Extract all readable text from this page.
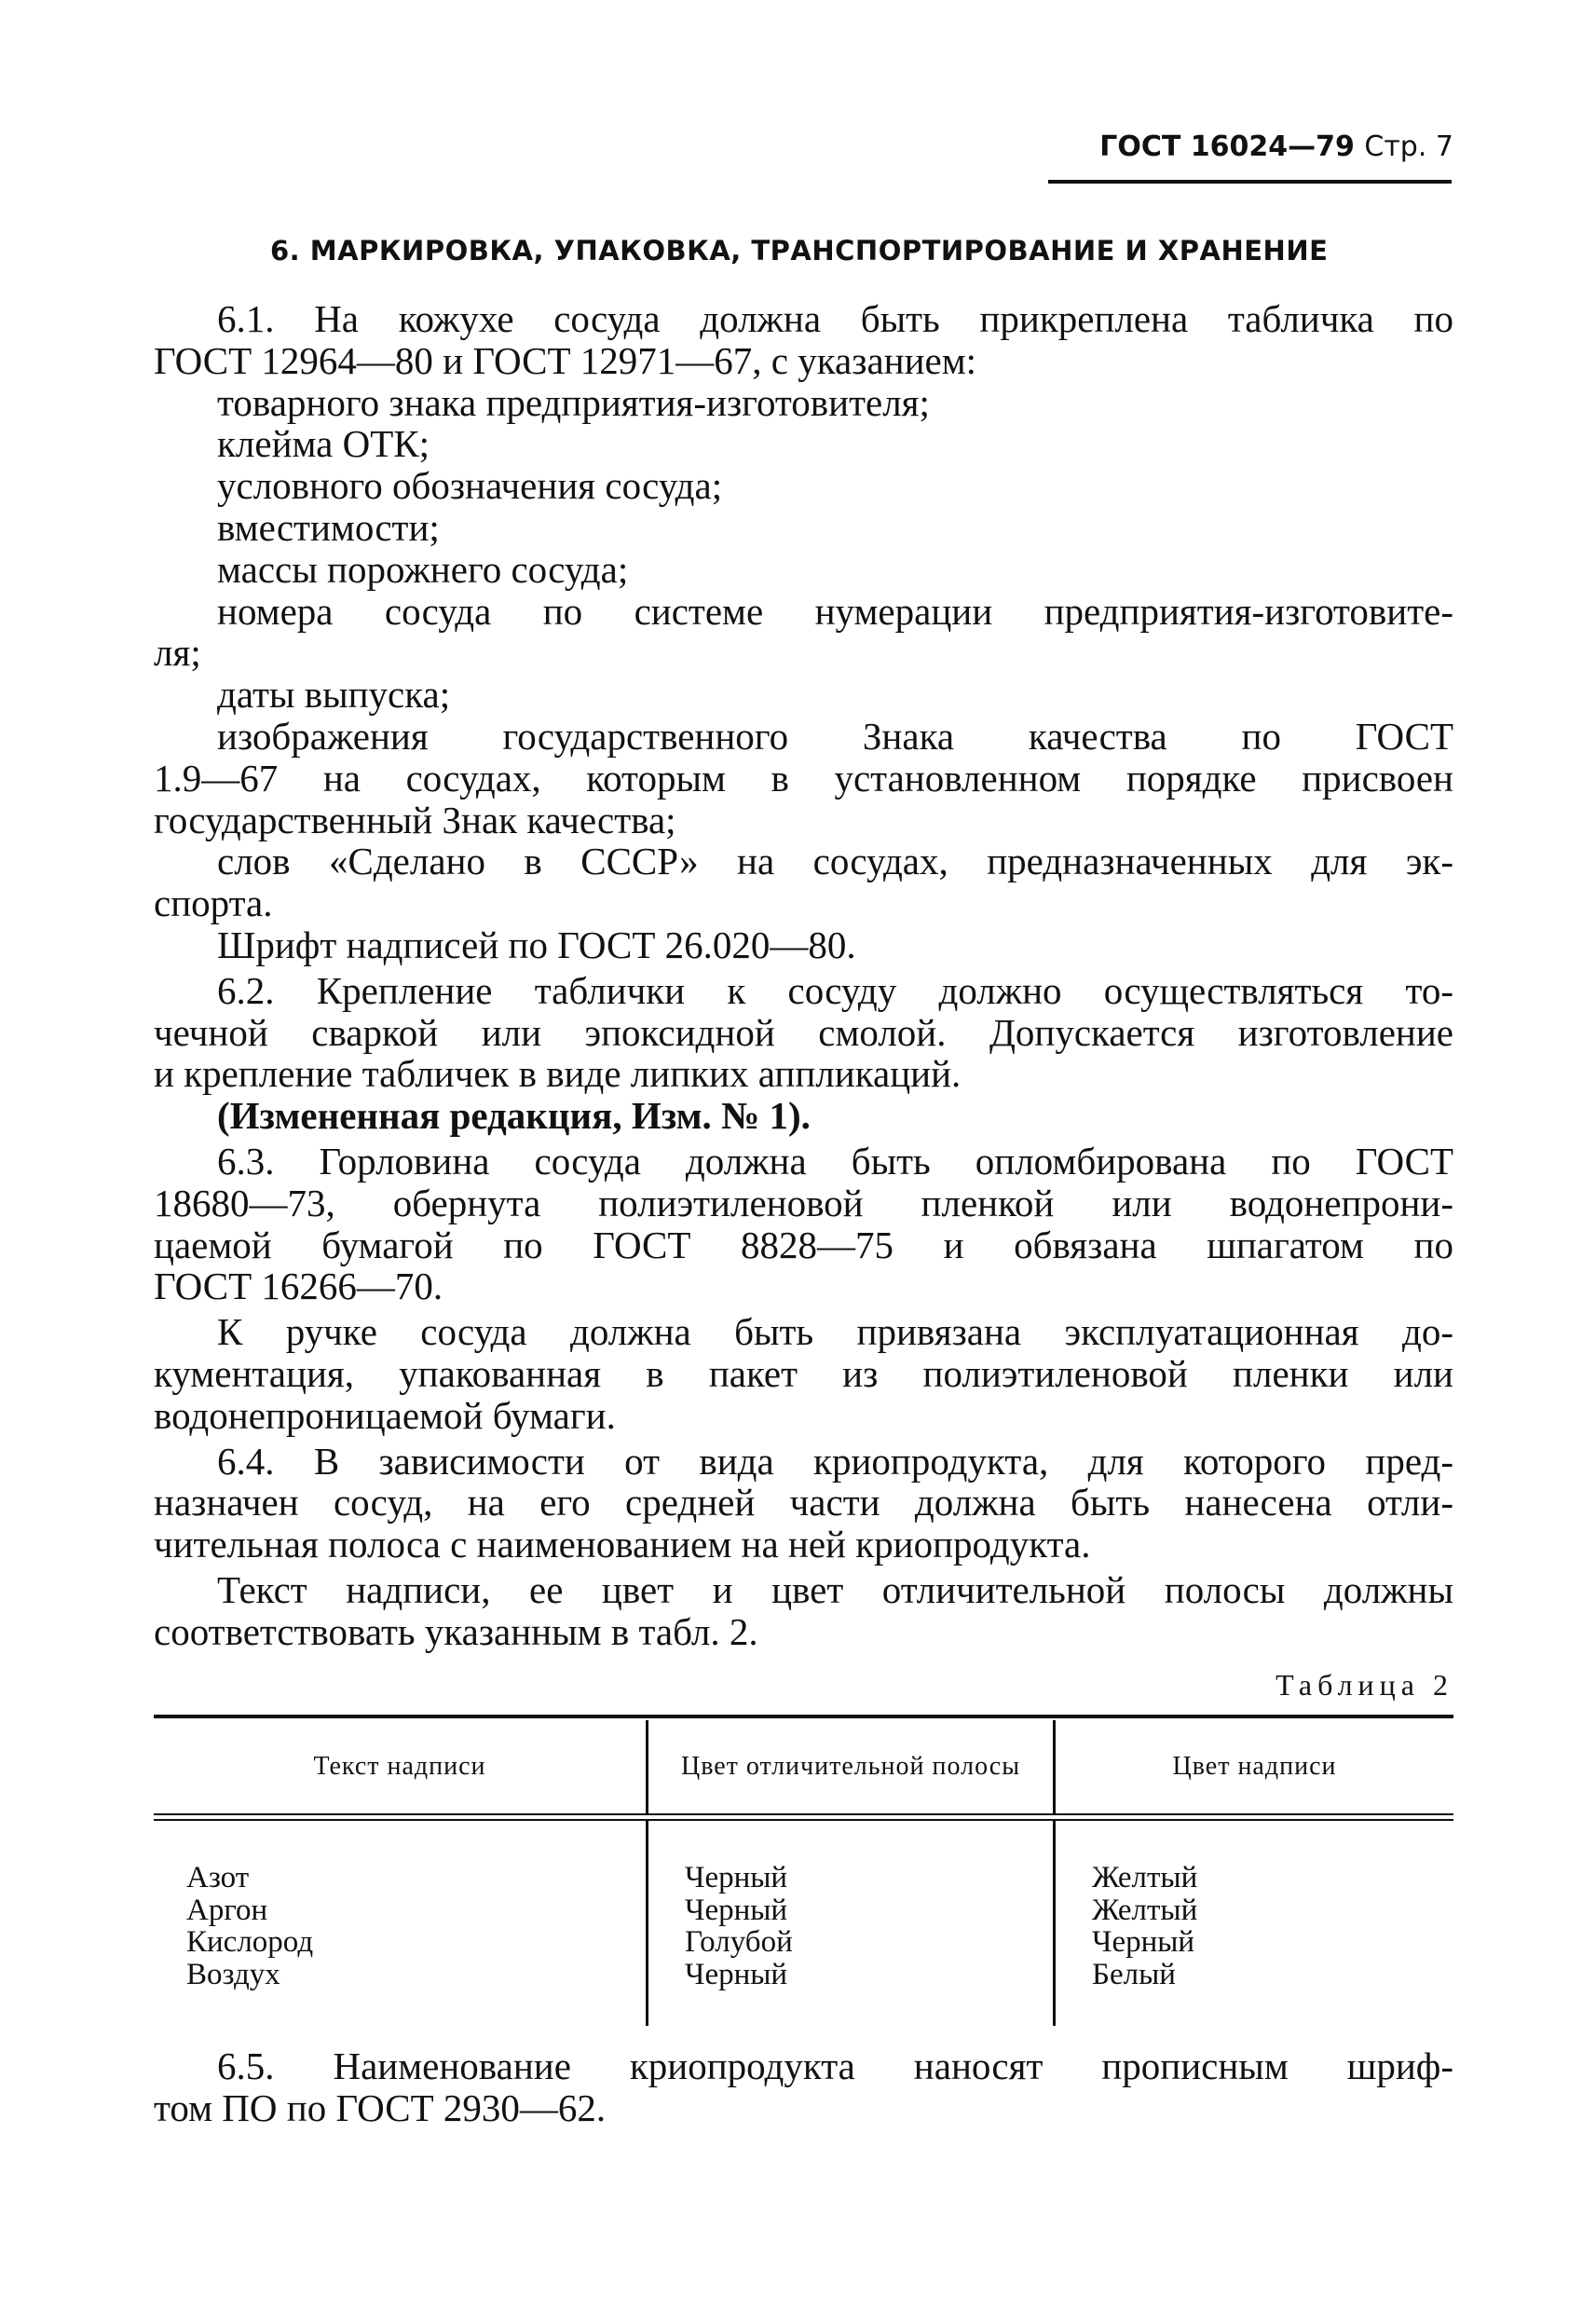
ГОСТ 16024—79 Стр. 7
6. МАРКИРОВКА, УПАКОВКА, ТРАНСПОРТИРОВАНИЕ И ХРАНЕНИЕ

6.1. На кожухе сосуда должна быть прикреплена табличка по

ГОСТ 12964—80 и ГОСТ 12971—67, с указанием:

товарного знака предприятия-изготовителя;

клейма ОТК;

условного обозначения сосуда;

вместимости;

массы порожнего сосуда;

номера сосуда по системе нумерации предприятия-изготовите-

ля;

даты выпуска;

изображения государственного Знака качества по ГОСТ

1.9—67 на сосудах, которым в установленном порядке присвоен

государственный Знак качества;

слов «Сделано в СССР» на сосудах, предназначенных для эк-

спорта.

Шрифт надписей по ГОСТ 26.020—80.

6.2. Крепление таблички к сосуду должно осуществляться то-

чечной сваркой или эпоксидной смолой. Допускается изготовление

и крепление табличек в виде липких аппликаций.

(Измененная редакция, Изм. № 1).

6.3. Горловина сосуда должна быть опломбирована по ГОСТ

18680—73, обернута полиэтиленовой пленкой или водонепрони-

цаемой бумагой по ГОСТ 8828—75 и обвязана шпагатом по

ГОСТ 16266—70.

К ручке сосуда должна быть привязана эксплуатационная до-

кументация, упакованная в пакет из полиэтиленовой пленки или

водонепроницаемой бумаги.

6.4. В зависимости от вида криопродукта, для которого пред-

назначен сосуд, на его средней части должна быть нанесена отли-

чительная полоса с наименованием на ней криопродукта.

Текст надписи, ее цвет и цвет отличительной полосы должны

соответствовать указанным в табл. 2.

Таблица 2
Текст надписи	Цвет отличительной полосы	Цвет надписи
Азот
Аргон
Кислород
Воздух
Черный
Черный
Голубой
Черный
Желтый
Желтый
Черный
Белый

6.5. Наименование криопродукта наносят прописным шриф-

том ПО по ГОСТ 2930—62.
